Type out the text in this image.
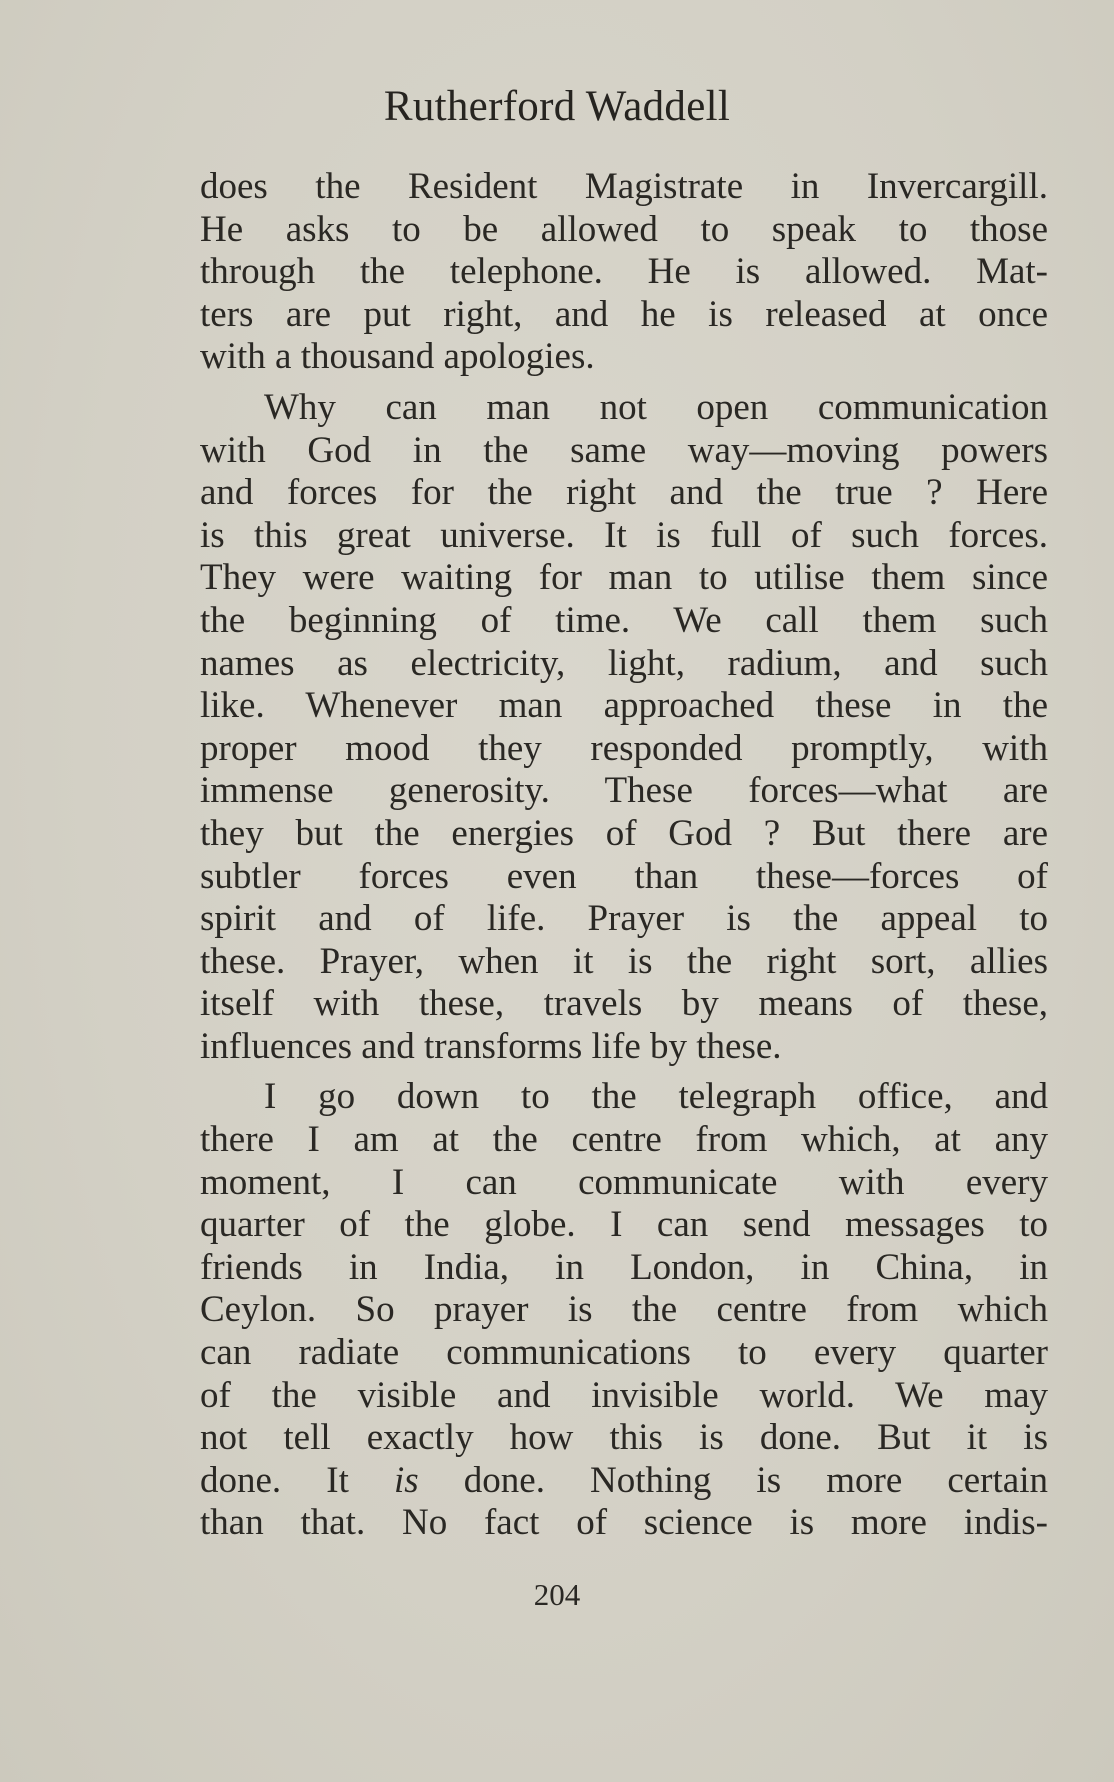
Rutherford Waddell
does the Resident Magistrate in Invercargill.
He asks to be allowed to speak to those
through the telephone. He is allowed. Mat-
ters are put right, and he is released at once
with a thousand apologies.
Why can man not open communication
with God in the same way—moving powers
and forces for the right and the true ? Here
is this great universe. It is full of such forces.
They were waiting for man to utilise them since
the beginning of time. We call them such
names as electricity, light, radium, and such
like. Whenever man approached these in the
proper mood they responded promptly, with
immense generosity. These forces—what are
they but the energies of God ? But there are
subtler forces even than these—forces of
spirit and of life. Prayer is the appeal to
these. Prayer, when it is the right sort, allies
itself with these, travels by means of these,
influences and transforms life by these.
I go down to the telegraph office, and
there I am at the centre from which, at any
moment, I can communicate with every
quarter of the globe. I can send messages to
friends in India, in London, in China, in
Ceylon. So prayer is the centre from which
can radiate communications to every quarter
of the visible and invisible world. We may
not tell exactly how this is done. But it is
done. It is done. Nothing is more certain
than that. No fact of science is more indis-
204
